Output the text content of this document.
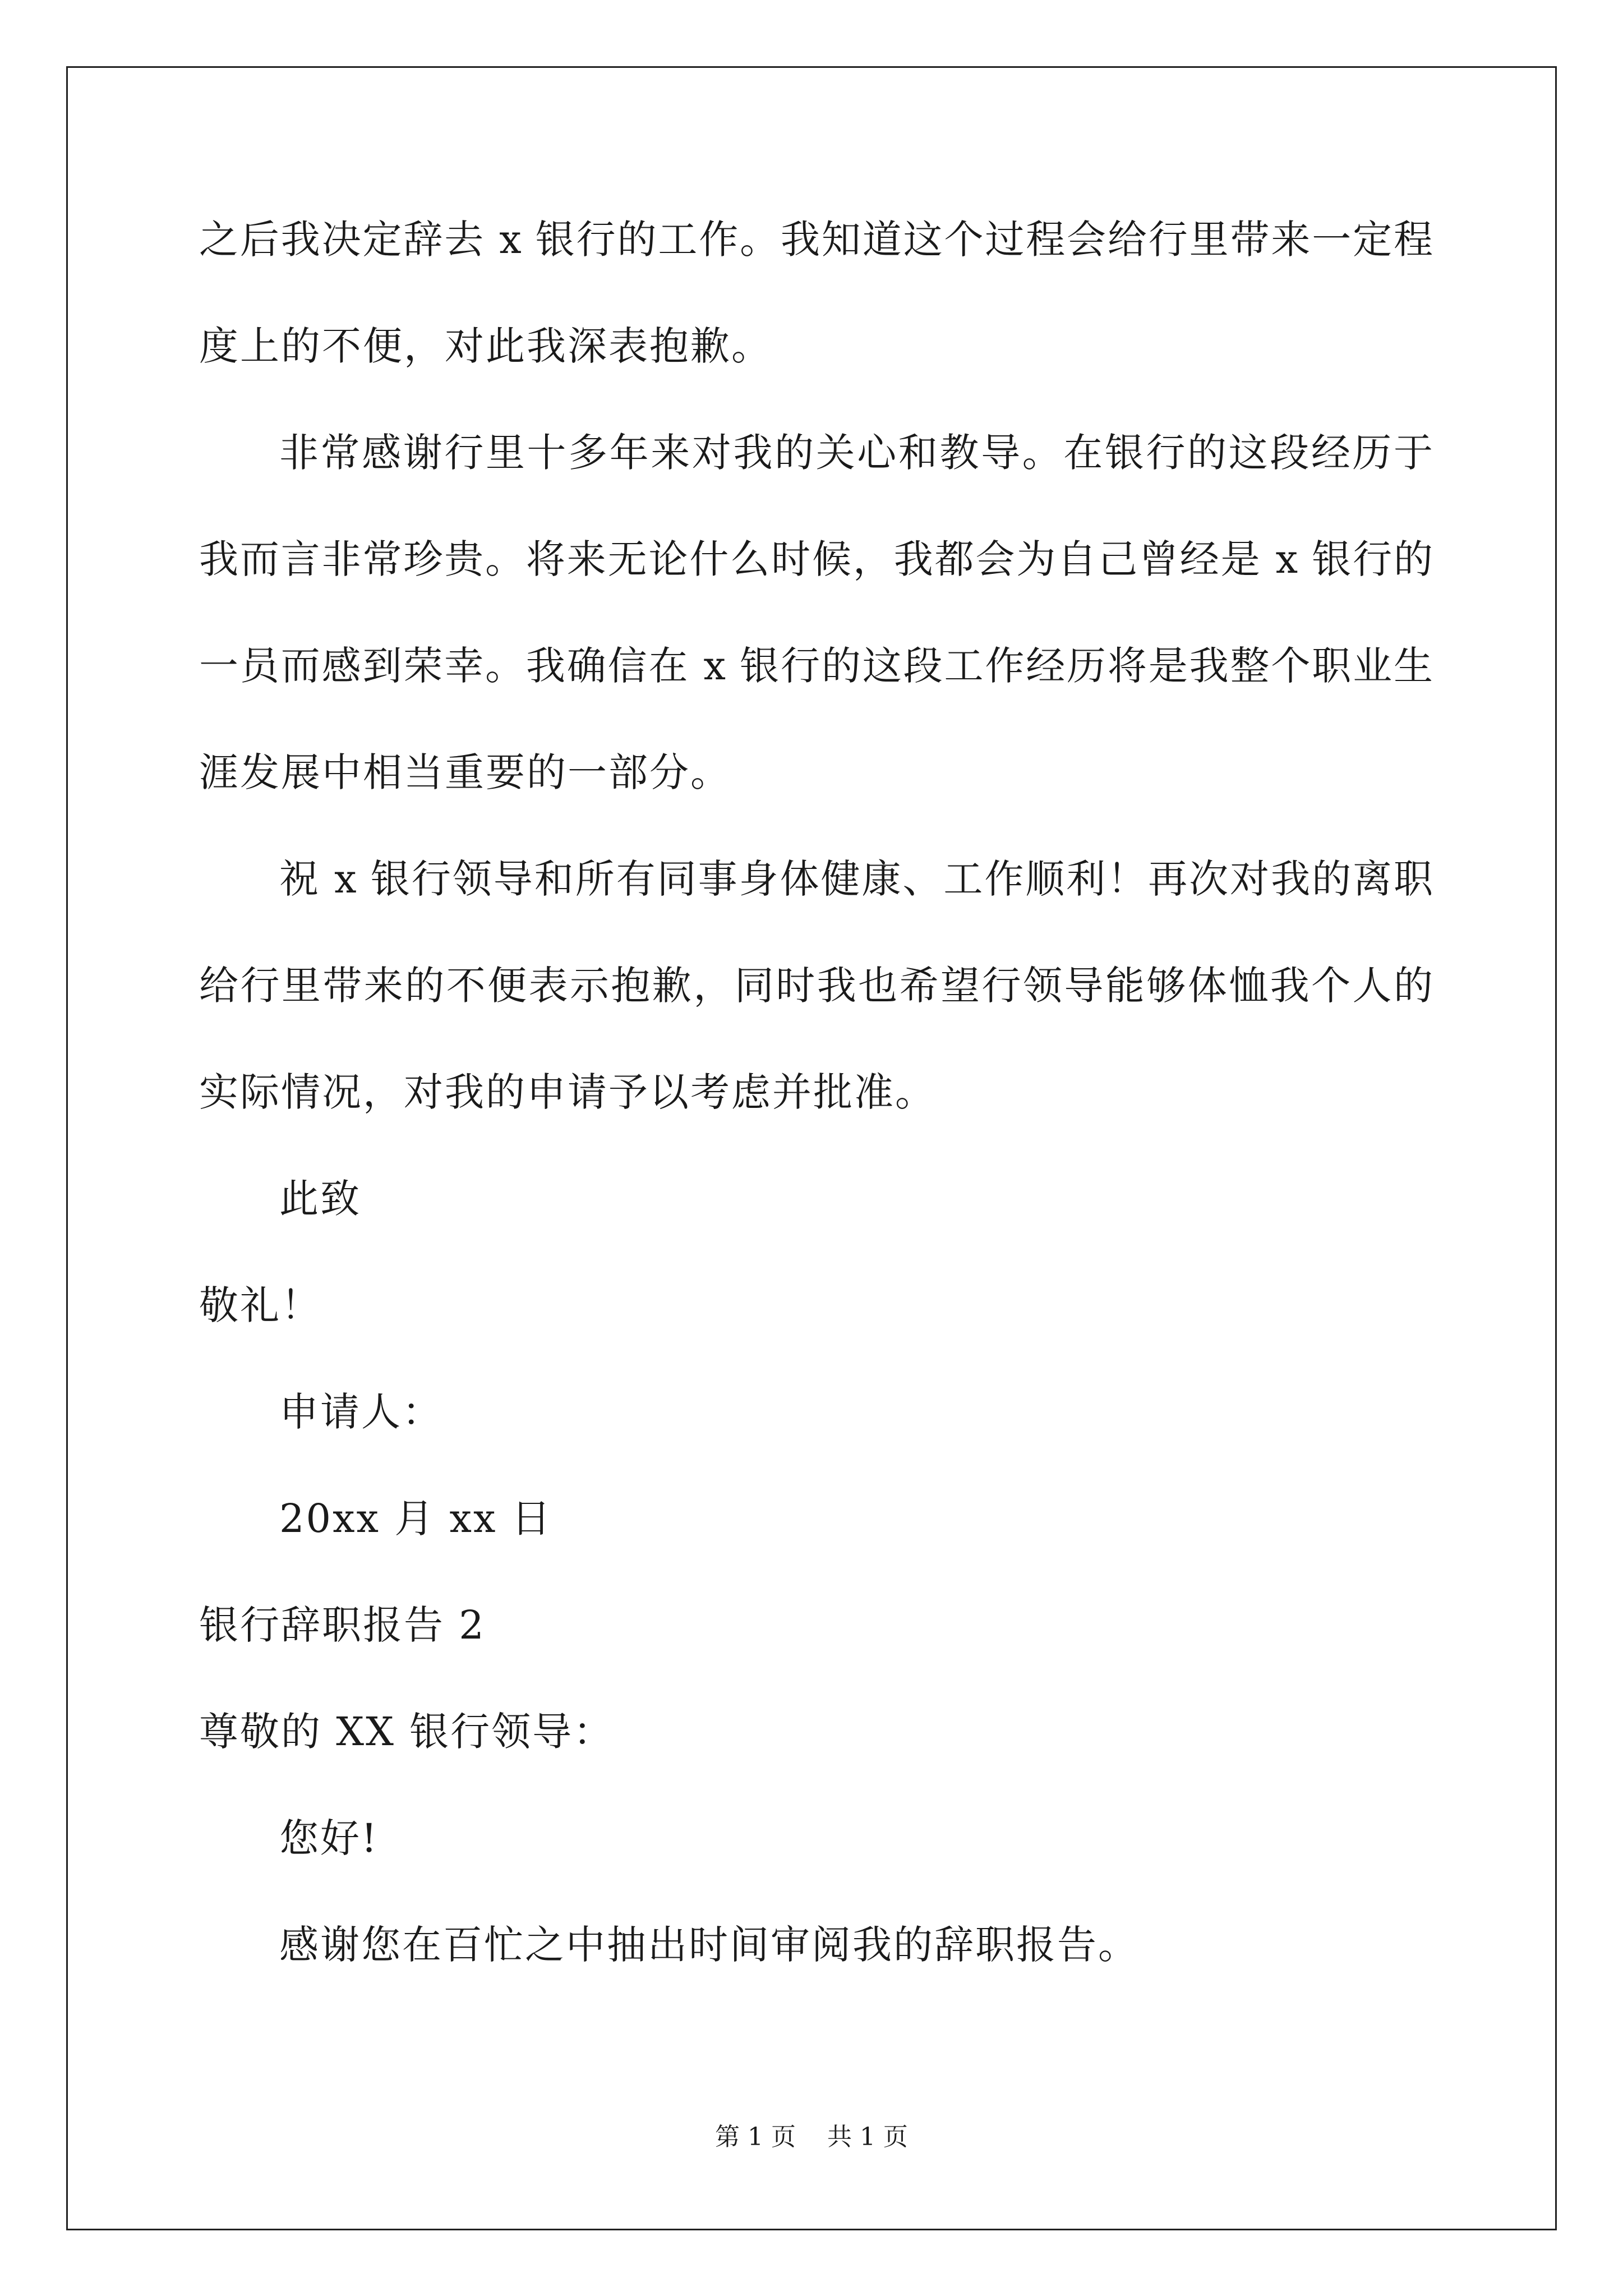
之后我决定辞去 x 银行的工作。我知道这个过程会给行里带来一定程
度上的不便，对此我深表抱歉。
非常感谢行里十多年来对我的关心和教导。在银行的这段经历于
我而言非常珍贵。将来无论什么时候，我都会为自己曾经是 x 银行的
一员而感到荣幸。我确信在 x 银行的这段工作经历将是我整个职业生
涯发展中相当重要的一部分。
祝 x 银行领导和所有同事身体健康、工作顺利！再次对我的离职
给行里带来的不便表示抱歉，同时我也希望行领导能够体恤我个人的
实际情况，对我的申请予以考虑并批准。
此致
敬礼！
申请人：
20xx 月 xx 日
银行辞职报告 2
尊敬的 XX 银行领导：
您好!
感谢您在百忙之中抽出时间审阅我的辞职报告。
第 1 页    共 1 页
